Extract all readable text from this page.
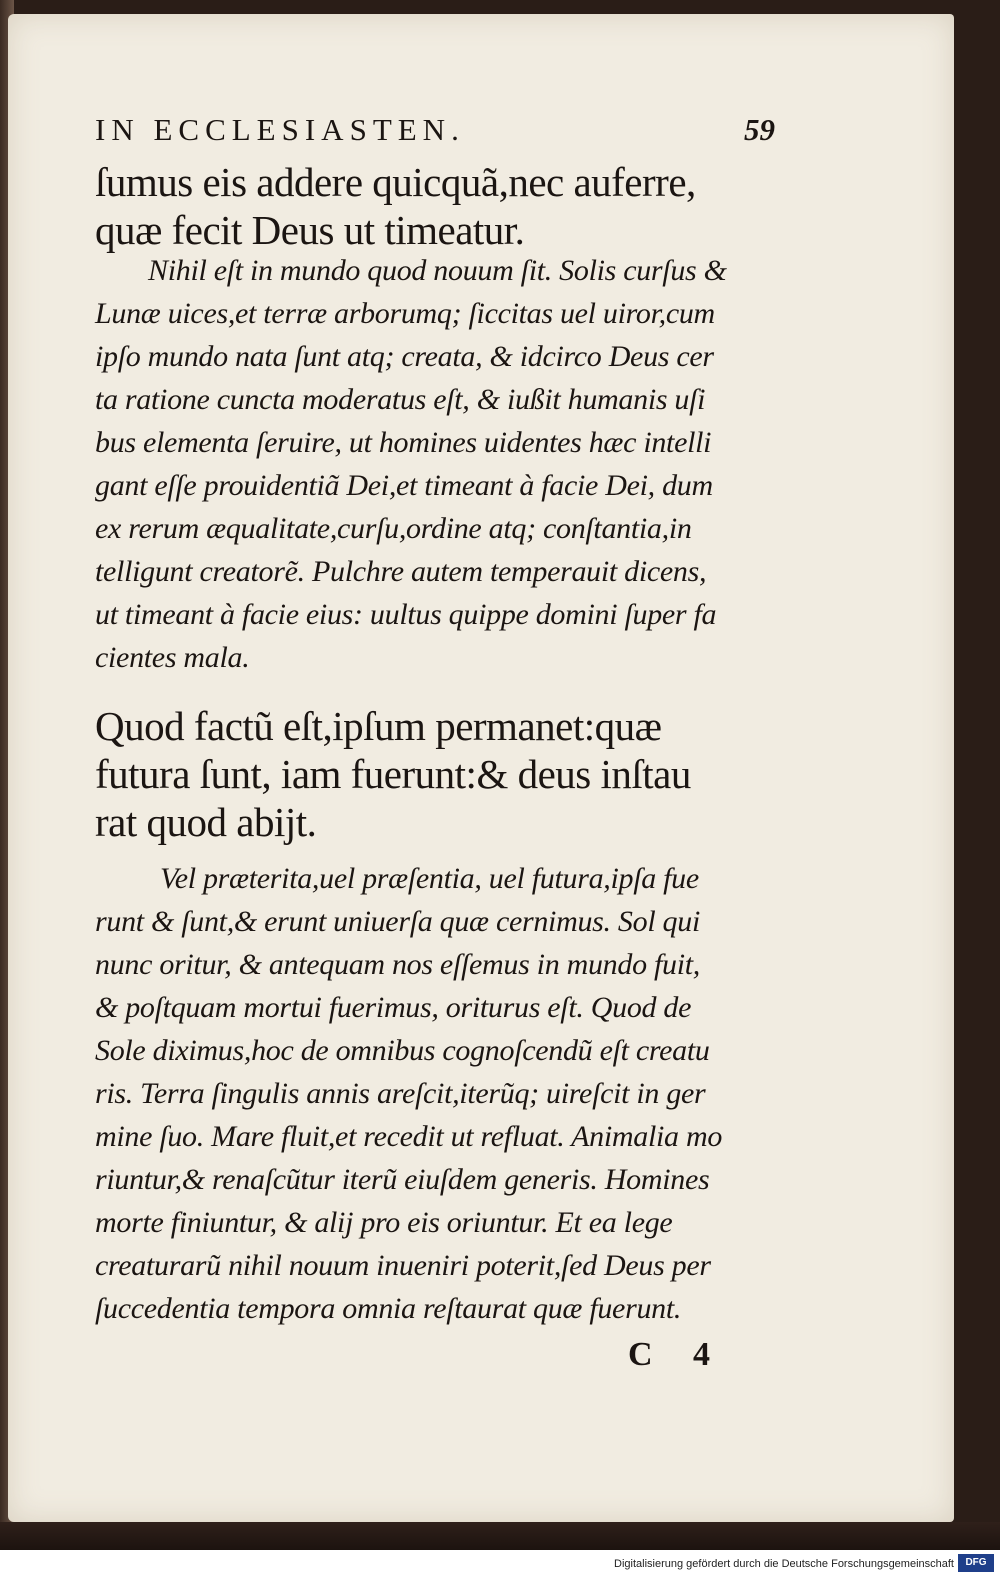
IN ECCLESIASTEN.	59
ſumus eis addere quicquã,nec auferre,
quæ fecit Deus ut timeatur.
Nihil eſt in mundo quod nouum ſit. Solis curſus &
Lunæ uices,et terræ arborumq; ſiccitas uel uiror,cum
ipſo mundo nata ſunt atq; creata, & idcirco Deus cer
ta ratione cuncta moderatus eſt, & iußit humanis uſi
bus elementa ſeruire, ut homines uidentes hæc intelli
gant eſſe prouidentiã Dei,et timeant à facie Dei, dum
ex rerum æqualitate,curſu,ordine atq; conſtantia,in
telligunt creatorẽ. Pulchre autem temperauit dicens,
ut timeant à facie eius: uultus quippe domini ſuper fa
cientes mala.
Quod factũ eſt,ipſum permanet:quæ
futura ſunt, iam fuerunt:& deus inſtau
rat quod abijt.
Vel præterita,uel præſentia, uel futura,ipſa fue
runt & ſunt,& erunt uniuerſa quæ cernimus. Sol qui
nunc oritur, & antequam nos eſſemus in mundo fuit,
& poſtquam mortui fuerimus, oriturus eſt. Quod de
Sole diximus,hoc de omnibus cognoſcendũ eſt creatu
ris. Terra ſingulis annis areſcit,iterũq; uireſcit in ger
mine ſuo. Mare fluit,et recedit ut refluat. Animalia mo
riuntur,& renaſcũtur iterũ eiuſdem generis. Homines
morte finiuntur, & alij pro eis oriuntur. Et ea lege
creaturarũ nihil nouum inueniri poterit,ſed Deus per
ſuccedentia tempora omnia reſtaurat quæ fuerunt.
C 4
Digitalisierung gefördert durch die Deutsche Forschungsgemeinschaft	DFG
